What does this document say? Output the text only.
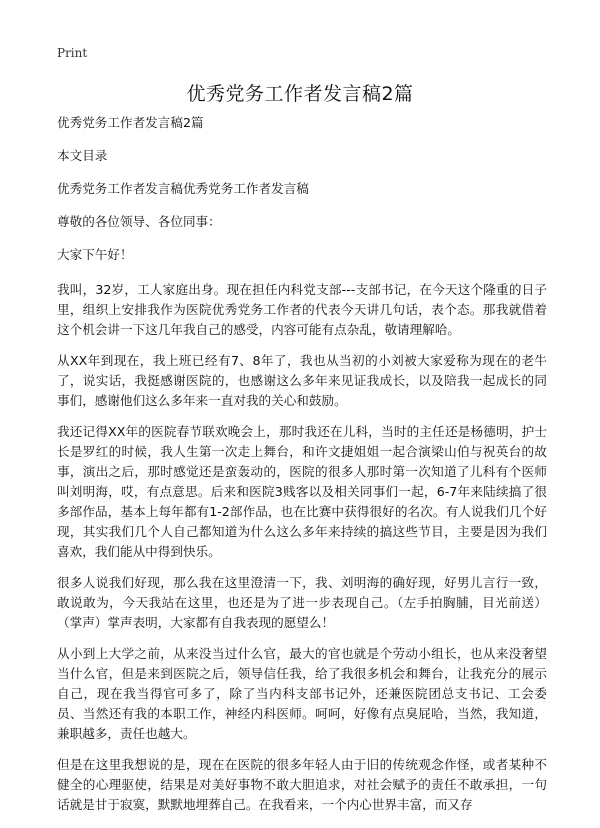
Print
优秀党务工作者发言稿2篇
优秀党务工作者发言稿2篇
本文目录
优秀党务工作者发言稿优秀党务工作者发言稿
尊敬的各位领导、各位同事：
大家下午好！

我叫，32岁，工人家庭出身。现在担任内科党支部---支部书记，在今天这个隆重的日子里，组织上安排我作为医院优秀党务工作者的代表今天讲几句话，表个态。那我就借着这个机会讲一下这几年我自己的感受，内容可能有点杂乱，敬请理解哈。

从XX年到现在，我上班已经有7、8年了，我也从当初的小刘被大家爱称为现在的老牛了，说实话，我挺感谢医院的，也感谢这么多年来见证我成长，以及陪我一起成长的同事们，感谢他们这么多年来一直对我的关心和鼓励。

我还记得XX年的医院春节联欢晚会上，那时我还在儿科，当时的主任还是杨德明，护士长是罗红的时候，我人生第一次走上舞台，和许文捷姐姐一起合演梁山伯与祝英台的故事，演出之后，那时感觉还是蛮轰动的，医院的很多人那时第一次知道了儿科有个医师叫刘明海，哎，有点意思。后来和医院3贱客以及相关同事们一起，6-7年来陆续搞了很多部作品，基本上每年都有1-2部作品，也在比赛中获得很好的名次。有人说我们几个好现，其实我们几个人自己都知道为什么这么多年来持续的搞这些节目，主要是因为我们喜欢，我们能从中得到快乐。

很多人说我们好现，那么我在这里澄清一下，我、刘明海的确好现，好男儿言行一致，敢说敢为，今天我站在这里，也还是为了进一步表现自己。（左手拍胸脯，目光前送）（掌声）掌声表明，大家都有自我表现的愿望么！

从小到上大学之前，从来没当过什么官，最大的官也就是个劳动小组长，也从来没奢望当什么官，但是来到医院之后，领导信任我，给了我很多机会和舞台，让我充分的展示自己，现在我当得官可多了，除了当内科支部书记外，还兼医院团总支书记、工会委员、当然还有我的本职工作，神经内科医师。呵呵，好像有点臭屁哈，当然，我知道，兼职越多，责任也越大。

但是在这里我想说的是，现在在医院的很多年轻人由于旧的传统观念作怪，或者某种不健全的心理驱使，结果是对美好事物不敢大胆追求，对社会赋予的责任不敢承担，一句话就是甘于寂寞，默默地埋葬自己。在我看来，一个内心世界丰富，而又存
